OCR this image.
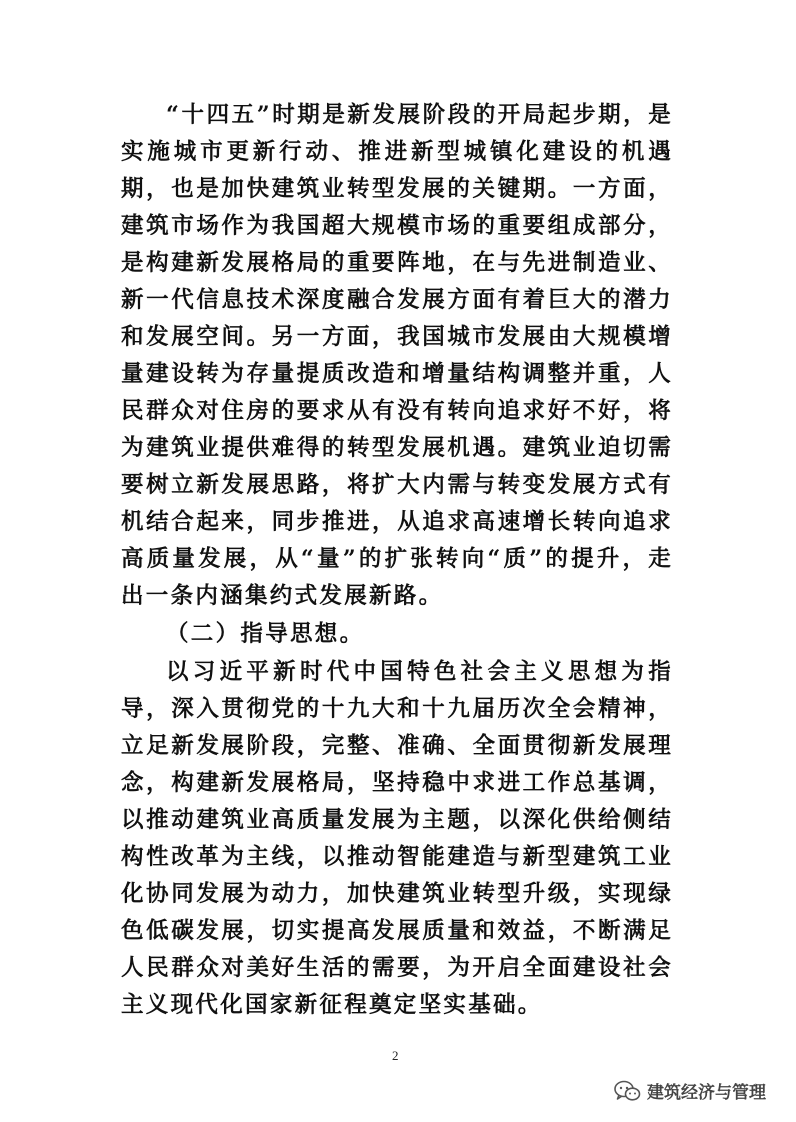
“十四五”时期是新发展阶段的开局起步期，是实施城市更新行动、推进新型城镇化建设的机遇期，也是加快建筑业转型发展的关键期。一方面，建筑市场作为我国超大规模市场的重要组成部分，是构建新发展格局的重要阵地，在与先进制造业、新一代信息技术深度融合发展方面有着巨大的潜力和发展空间。另一方面，我国城市发展由大规模增量建设转为存量提质改造和增量结构调整并重，人民群众对住房的要求从有没有转向追求好不好，将为建筑业提供难得的转型发展机遇。建筑业迫切需要树立新发展思路，将扩大内需与转变发展方式有机结合起来，同步推进，从追求高速增长转向追求高质量发展，从“量”的扩张转向“质”的提升，走出一条内涵集约式发展新路。

（二）指导思想。

以习近平新时代中国特色社会主义思想为指导，深入贯彻党的十九大和十九届历次全会精神，立足新发展阶段，完整、准确、全面贯彻新发展理念，构建新发展格局，坚持稳中求进工作总基调，以推动建筑业高质量发展为主题，以深化供给侧结构性改革为主线，以推动智能建造与新型建筑工业化协同发展为动力，加快建筑业转型升级，实现绿色低碳发展，切实提高发展质量和效益，不断满足人民群众对美好生活的需要，为开启全面建设社会主义现代化国家新征程奠定坚实基础。

2
建筑经济与管理
